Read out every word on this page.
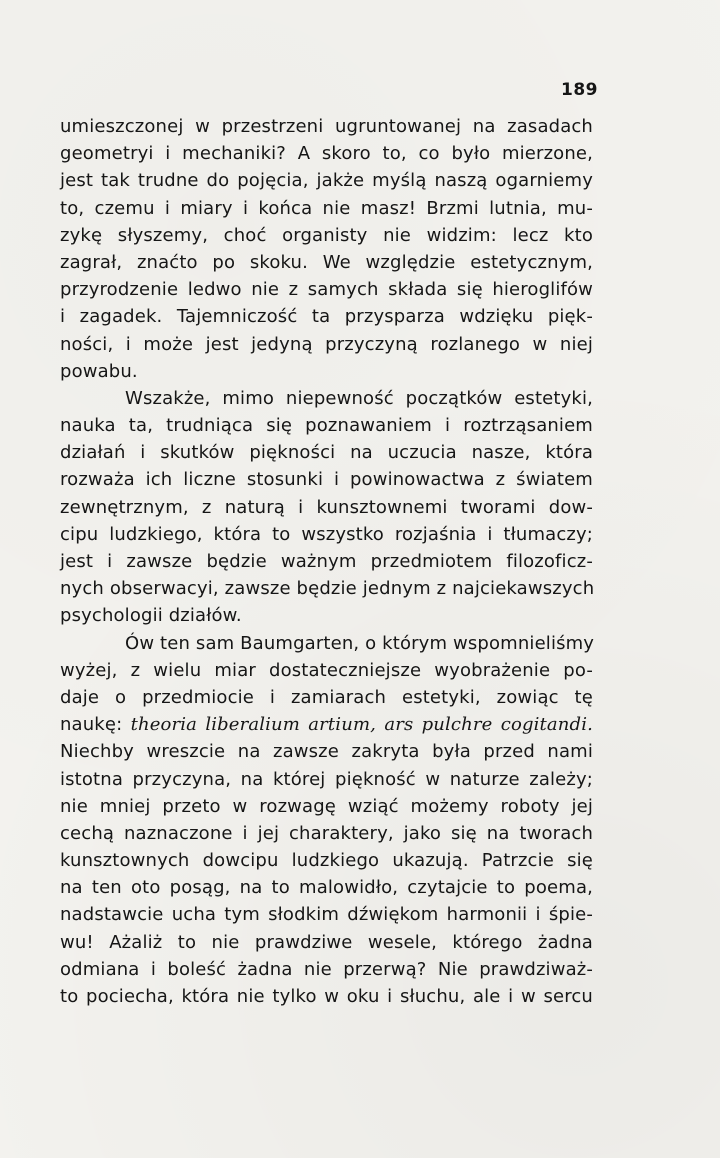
189
umieszczonej w przestrzeni ugruntowanej na zasadach
geometryi i mechaniki? A skoro to, co było mierzone,
jest tak trudne do pojęcia, jakże myślą naszą ogarniemy
to, czemu i miary i końca nie masz! Brzmi lutnia, mu-
zykę słyszemy, choć organisty nie widzim: lecz kto
zagrał, znaćto po skoku. We względzie estetycznym,
przyrodzenie ledwo nie z samych składa się hieroglifów
i zagadek. Tajemniczość ta przysparza wdzięku pięk-
ności, i może jest jedyną przyczyną rozlanego w niej
powabu.
Wszakże, mimo niepewność początków estetyki,
nauka ta, trudniąca się poznawaniem i roztrząsaniem
działań i skutków piękności na uczucia nasze, która
rozważa ich liczne stosunki i powinowactwa z światem
zewnętrznym, z naturą i kunsztownemi tworami dow-
cipu ludzkiego, która to wszystko rozjaśnia i tłumaczy;
jest i zawsze będzie ważnym przedmiotem filozoficz-
nych obserwacyi, zawsze będzie jednym z najciekawszych
psychologii działów.
Ów ten sam Baumgarten, o którym wspomnieliśmy
wyżej, z wielu miar dostateczniejsze wyobrażenie po-
daje o przedmiocie i zamiarach estetyki, zowiąc tę
naukę: theoria liberalium artium, ars pulchre cogitandi.
Niechby wreszcie na zawsze zakryta była przed nami
istotna przyczyna, na której piękność w naturze zależy;
nie mniej przeto w rozwagę wziąć możemy roboty jej
cechą naznaczone i jej charaktery, jako się na tworach
kunsztownych dowcipu ludzkiego ukazują. Patrzcie się
na ten oto posąg, na to malowidło, czytajcie to poema,
nadstawcie ucha tym słodkim dźwiękom harmonii i śpie-
wu! Ażaliż to nie prawdziwe wesele, którego żadna
odmiana i boleść żadna nie przerwą? Nie prawdziważ-
to pociecha, która nie tylko w oku i słuchu, ale i w sercu
